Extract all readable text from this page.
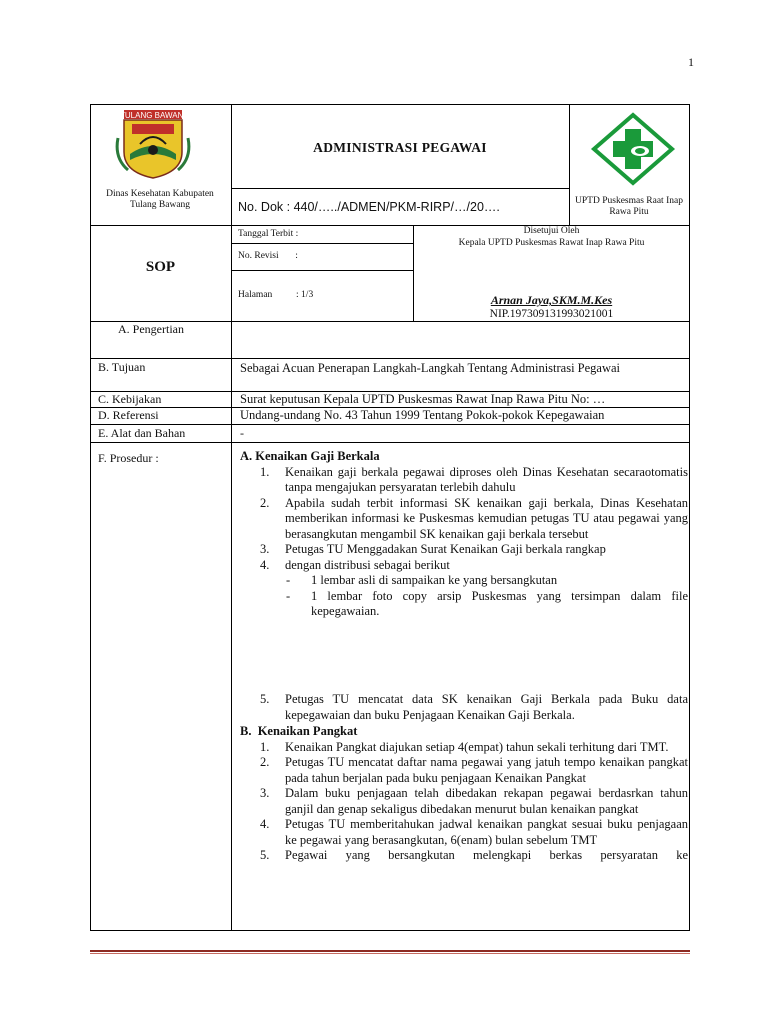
1
TULANG BAWANG
Dinas Kesehatan Kabupaten Tulang Bawang
ADMINISTRASI PEGAWAI
No. Dok : 440/…../ADMEN/PKM-RIRP/…/20….	UPTD Puskesmas Raat Inap Rawa Pitu
SOP
Tanggal Terbit :
No. Revisi       :
Halaman          : 1/3
Disetujui Oleh
Kepala UPTD Puskesmas Rawat Inap Rawa Pitu
Arnan Jaya,SKM.M.Kes
NIP.197309131993021001
A. Pengertian
B. Tujuan	Sebagai Acuan Penerapan Langkah-Langkah Tentang Administrasi Pegawai
C. Kebijakan	Surat keputusan Kepala UPTD Puskesmas Rawat Inap Rawa Pitu No: …
D. Referensi	Undang-undang No. 43 Tahun 1999 Tentang Pokok-pokok Kepegawaian
E. Alat dan Bahan	-
F. Prosedur :	A. Kenaikan Gaji Berkala
1. Kenaikan gaji berkala pegawai diproses oleh Dinas Kesehatan secaraotomatis tanpa mengajukan persyaratan terlebih dahulu
2. Apabila sudah terbit informasi SK kenaikan gaji berkala, Dinas Kesehatan memberikan informasi ke Puskesmas kemudian petugas TU atau pegawai yang berasangkutan mengambil SK kenaikan gaji berkala tersebut
3. Petugas TU Menggadakan Surat Kenaikan Gaji berkala rangkap
4. dengan distribusi sebagai berikut
- 1 lembar asli di sampaikan ke yang bersangkutan
- 1 lembar foto copy arsip Puskesmas yang tersimpan dalam file kepegawaian.
5. Petugas TU mencatat data SK kenaikan Gaji Berkala pada Buku data kepegawaian dan buku Penjagaan Kenaikan Gaji Berkala.
B.  Kenaikan Pangkat
1. Kenaikan Pangkat diajukan setiap 4(empat) tahun sekali terhitung dari TMT.
2. Petugas TU mencatat daftar nama pegawai yang jatuh tempo kenaikan pangkat pada tahun berjalan pada buku penjagaan Kenaikan Pangkat
3. Dalam buku penjagaan telah dibedakan rekapan pegawai berdasrkan tahun ganjil dan genap sekaligus dibedakan menurut bulan kenaikan pangkat
4. Petugas TU memberitahukan jadwal kenaikan pangkat sesuai buku penjagaan ke pegawai yang berasangkutan, 6(enam) bulan sebelum TMT
5. Pegawai yang bersangkutan melengkapi berkas persyaratan ke
